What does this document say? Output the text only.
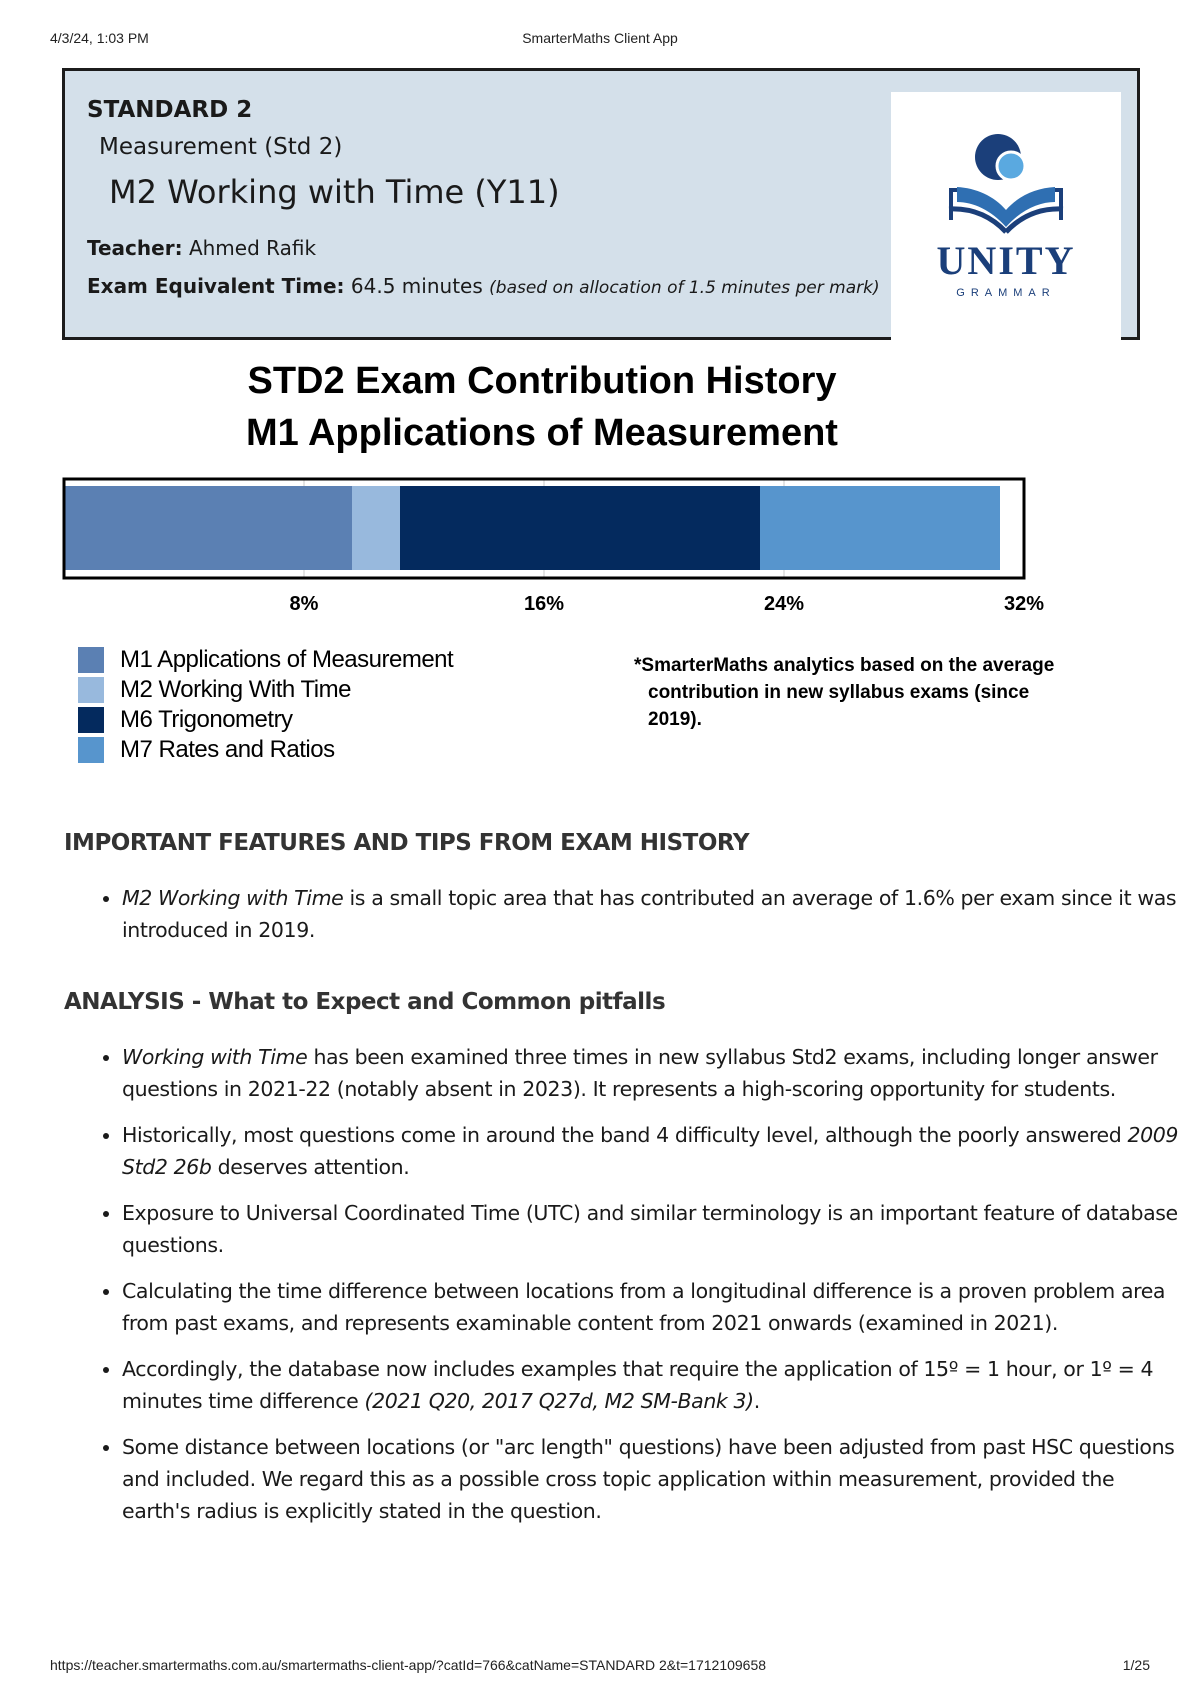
4/3/24, 1:03 PM	SmarterMaths Client App
STANDARD 2
Measurement (Std 2)
M2 Working with Time (Y11)
Teacher: Ahmed Rafik
Exam Equivalent Time: 64.5 minutes (based on allocation of 1.5 minutes per mark)
UNITY
GRAMMAR
STD2 Exam Contribution History
M1 Applications of Measurement
8%	16%	24%	32%
M1 Applications of Measurement
M2 Working With Time
M6 Trigonometry
M7 Rates and Ratios
*SmarterMaths analytics based on the average contribution in new syllabus exams (since 2019).
IMPORTANT FEATURES AND TIPS FROM EXAM HISTORY
• M2 Working with Time is a small topic area that has contributed an average of 1.6% per exam since it was introduced in 2019.
ANALYSIS - What to Expect and Common pitfalls
• Working with Time has been examined three times in new syllabus Std2 exams, including longer answer questions in 2021-22 (notably absent in 2023). It represents a high-scoring opportunity for students.
• Historically, most questions come in around the band 4 difficulty level, although the poorly answered 2009 Std2 26b deserves attention.
• Exposure to Universal Coordinated Time (UTC) and similar terminology is an important feature of database questions.
• Calculating the time difference between locations from a longitudinal difference is a proven problem area from past exams, and represents examinable content from 2021 onwards (examined in 2021).
• Accordingly, the database now includes examples that require the application of 15º = 1 hour, or 1º = 4 minutes time difference (2021 Q20, 2017 Q27d, M2 SM-Bank 3).
• Some distance between locations (or "arc length" questions) have been adjusted from past HSC questions and included. We regard this as a possible cross topic application within measurement, provided the earth's radius is explicitly stated in the question.
https://teacher.smartermaths.com.au/smartermaths-client-app/?catId=766&catName=STANDARD 2&t=1712109658	1/25
